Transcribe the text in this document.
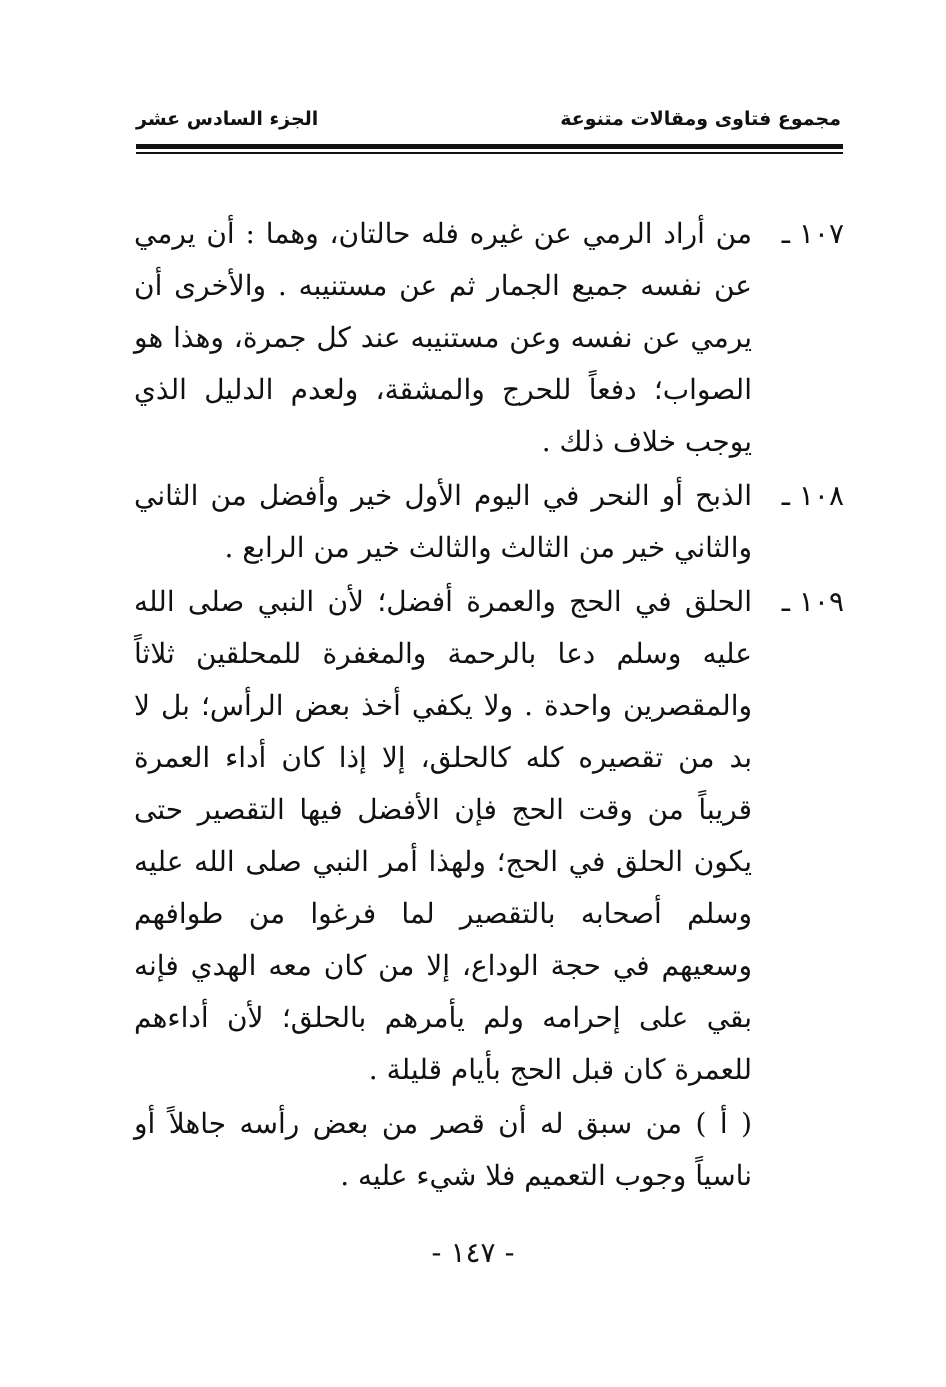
مجموع فتاوى ومقالات متنوعة
الجزء السادس عشر
١٠٧ ـ
من أراد الرمي عن غيره فله حالتان، وهما : أن يرمي عن نفسه جميع الجمار ثم عن مستنيبه . والأخرى أن يرمي عن نفسه وعن مستنيبه عند كل جمرة، وهذا هو الصواب؛ دفعاً للحرج والمشقة، ولعدم الدليل الذي يوجب خلاف ذلك .
١٠٨ ـ
الذبح أو النحر في اليوم الأول خير وأفضل من الثاني والثاني خير من الثالث والثالث خير من الرابع .
١٠٩ ـ
الحلق في الحج والعمرة أفضل؛ لأن النبي صلى الله عليه وسلم دعا بالرحمة والمغفرة للمحلقين ثلاثاً والمقصرين واحدة . ولا يكفي أخذ بعض الرأس؛ بل لا بد من تقصيره كله كالحلق، إلا إذا كان أداء العمرة قريباً من وقت الحج فإن الأفضل فيها التقصير حتى يكون الحلق في الحج؛ ولهذا أمر النبي صلى الله عليه وسلم أصحابه بالتقصير لما فرغوا من طوافهم وسعيهم في حجة الوداع، إلا من كان معه الهدي فإنه بقي على إحرامه ولم يأمرهم بالحلق؛ لأن أداءهم للعمرة كان قبل الحج بأيام قليلة .
( أ ) من سبق له أن قصر من بعض رأسه جاهلاً أو ناسياً وجوب التعميم فلا شيء عليه .
- ١٤٧ -
